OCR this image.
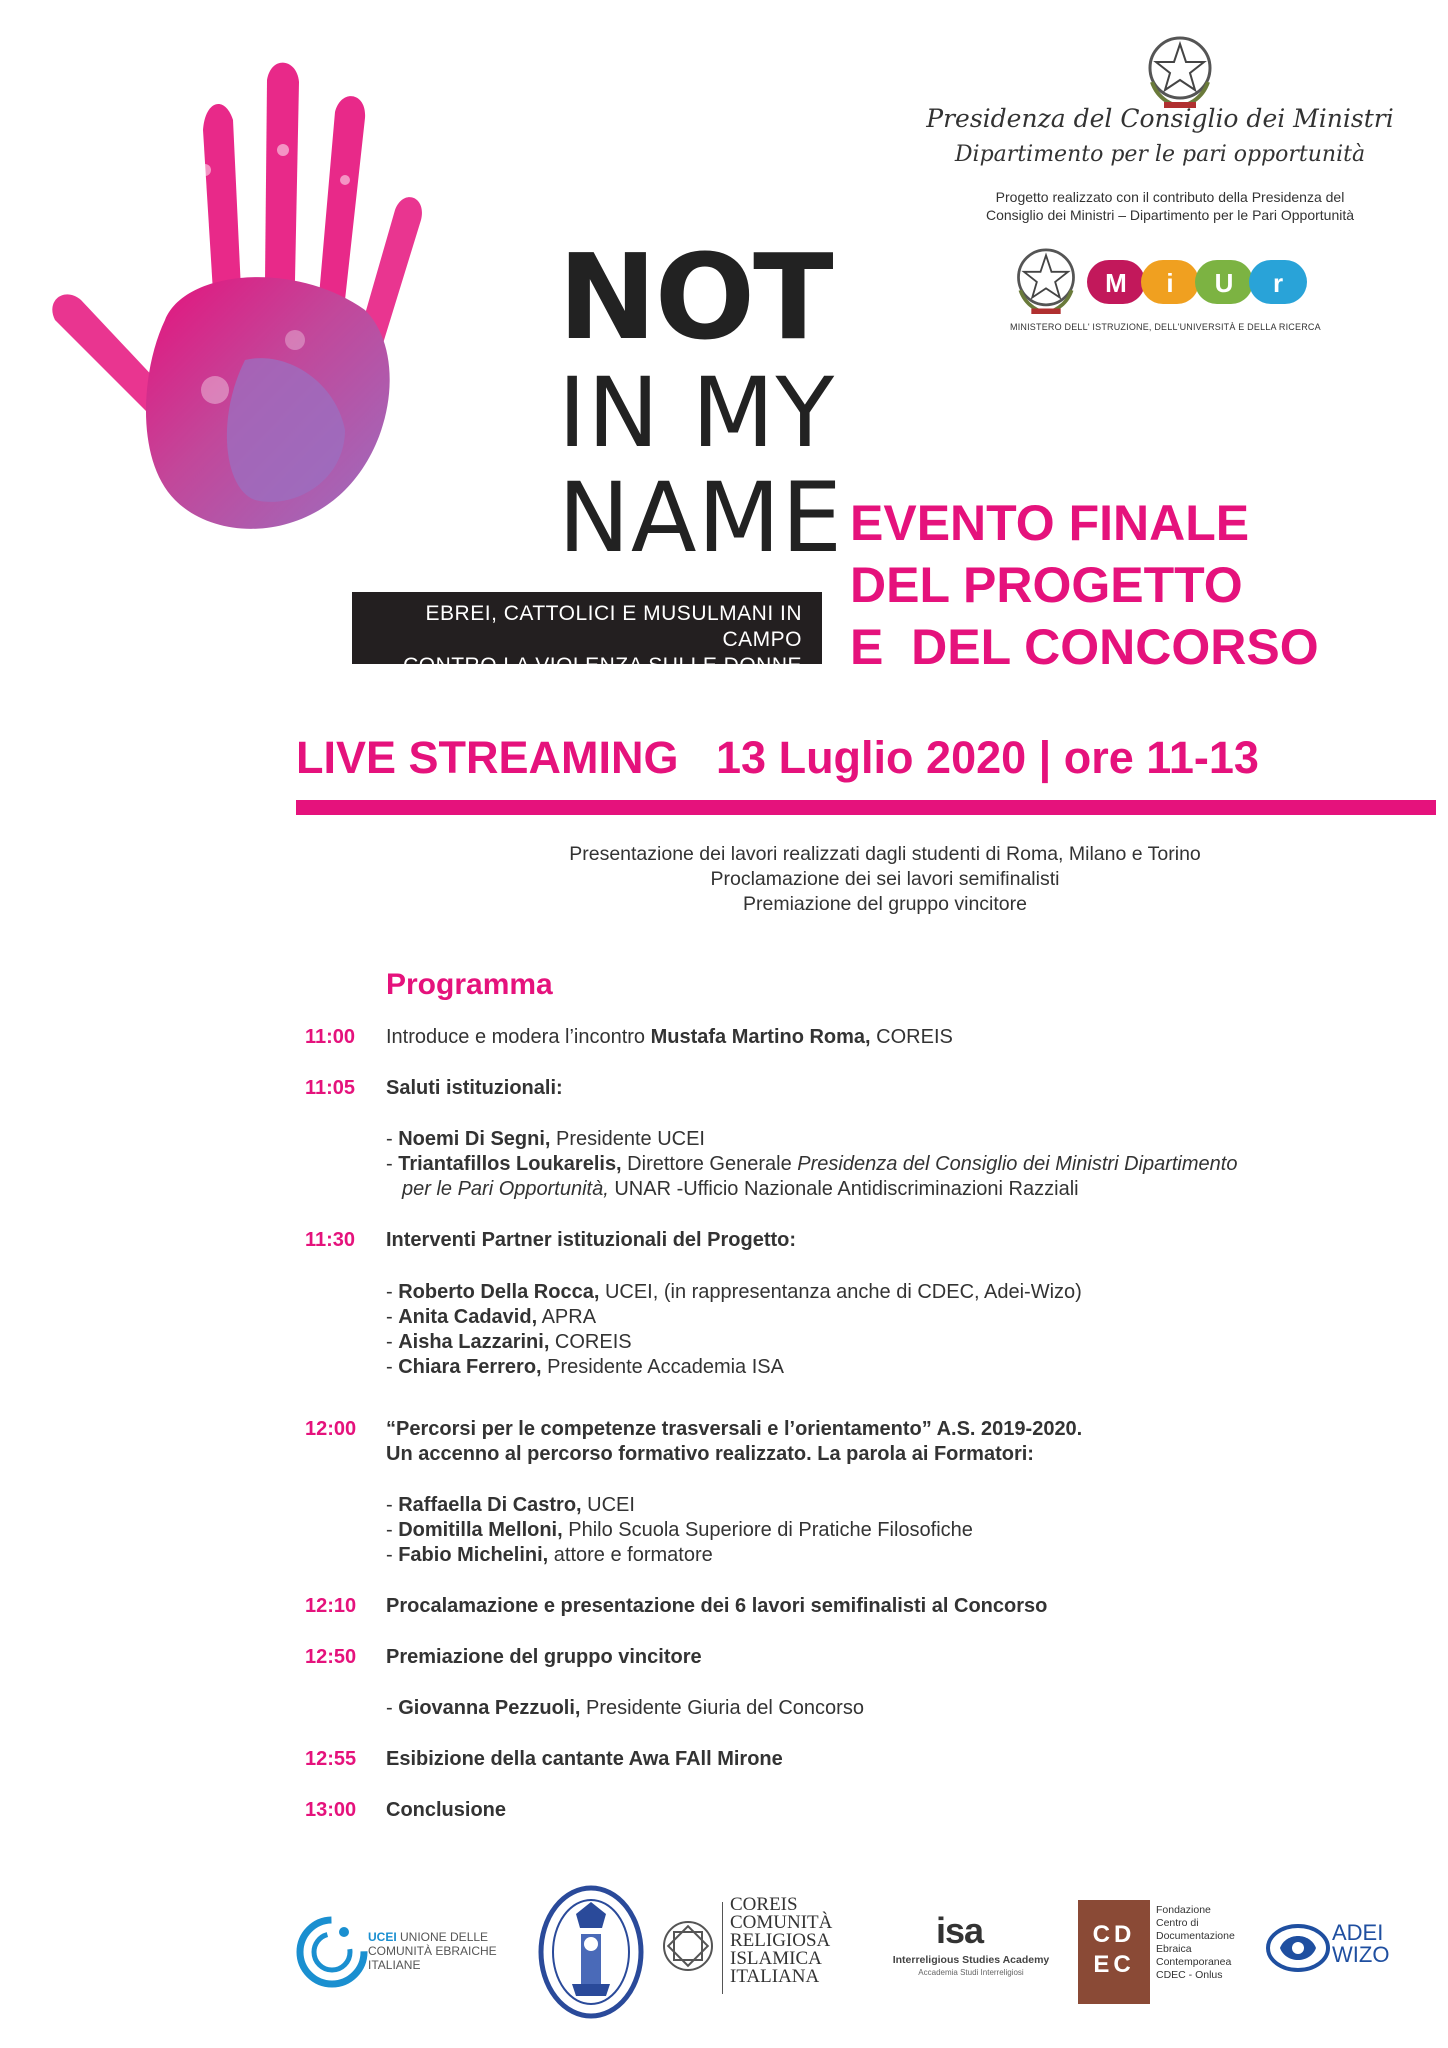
NOT
IN MY
NAME
EBREI, CATTOLICI E MUSULMANI IN CAMPO
CONTRO LA VIOLENZA SULLE DONNE
Presidenza del Consiglio dei Ministri
Dipartimento per le pari opportunità
Progetto realizzato con il contributo della Presidenza del
Consiglio dei Ministri – Dipartimento per le Pari Opportunità
M i U r
MINISTERO DELL' ISTRUZIONE, DELL'UNIVERSITÀ E DELLA RICERCA
EVENTO FINALE
DEL PROGETTO
E  DEL CONCORSO
LIVE STREAMING   13 Luglio 2020 | ore 11-13
Presentazione dei lavori realizzati dagli studenti di Roma, Milano e Torino
Proclamazione dei sei lavori semifinalisti
Premiazione del gruppo vincitore
Programma
11:00 Introduce e modera l’incontro Mustafa Martino Roma, COREIS
11:05 Saluti istituzionali:
- Noemi Di Segni, Presidente UCEI
- Triantafillos Loukarelis, Direttore Generale Presidenza del Consiglio dei Ministri Dipartimento
per le Pari Opportunità, UNAR -Ufficio Nazionale Antidiscriminazioni Razziali
11:30 Interventi Partner istituzionali del Progetto:
- Roberto Della Rocca, UCEI, (in rappresentanza anche di CDEC, Adei-Wizo)
- Anita Cadavid, APRA
- Aisha Lazzarini, COREIS
- Chiara Ferrero, Presidente Accademia ISA
12:00 “Percorsi per le competenze trasversali e l’orientamento” A.S. 2019-2020.
Un accenno al percorso formativo realizzato. La parola ai Formatori:
- Raffaella Di Castro, UCEI
- Domitilla Melloni, Philo Scuola Superiore di Pratiche Filosofiche
- Fabio Michelini, attore e formatore
12:10 Procalamazione e presentazione dei 6 lavori semifinalisti al Concorso
12:50 Premiazione del gruppo vincitore
- Giovanna Pezzuoli, Presidente Giuria del Concorso
12:55 Esibizione della cantante Awa FAll Mirone
13:00 Conclusione
UCEI UNIONE DELLE
COMUNITÀ EBRAICHE
ITALIANE
COREIS
COMUNITÀ
RELIGIOSA
ISLAMICA
ITALIANA
isa
Interreligious Studies Academy
Accademia Studi Interreligiosi
CD
EC
Fondazione
Centro di
Documentazione
Ebraica
Contemporanea
CDEC - Onlus
ADEI
WIZO
